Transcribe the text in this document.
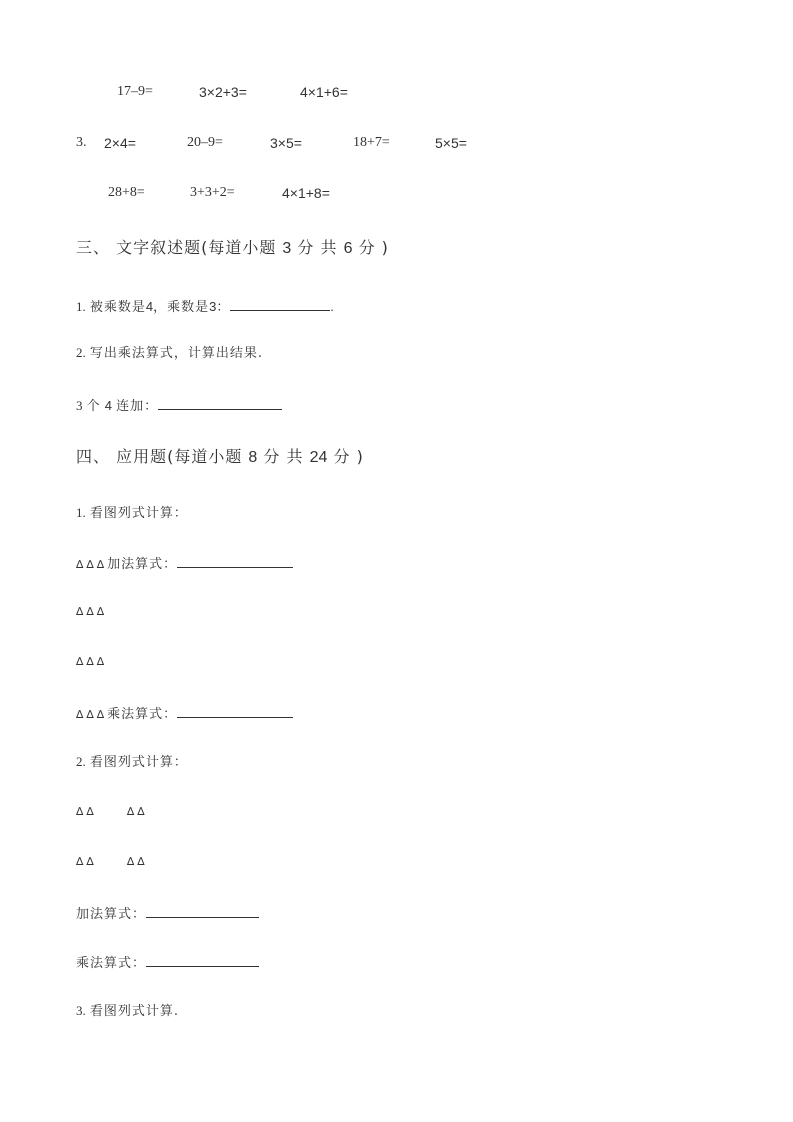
17–9=	3×2+3=	4×1+6=
3. 2×4=	20–9=	3×5=	18+7=	5×5=
28+8=	3+3+2=	4×1+8=
三、 文字叙述题(每道小题 3 分 共 6 分 )
1. 被乘数是4，乘数是3：	.
2. 写出乘法算式，计算出结果.
3 个 4 连加：
四、 应用题(每道小题 8 分 共 24 分 )
1. 看图列式计算：
∆∆∆加法算式：
∆∆∆
∆∆∆
∆∆∆乘法算式：
2. 看图列式计算：
∆∆	∆∆
∆∆	∆∆
加法算式：
乘法算式：
3. 看图列式计算.
